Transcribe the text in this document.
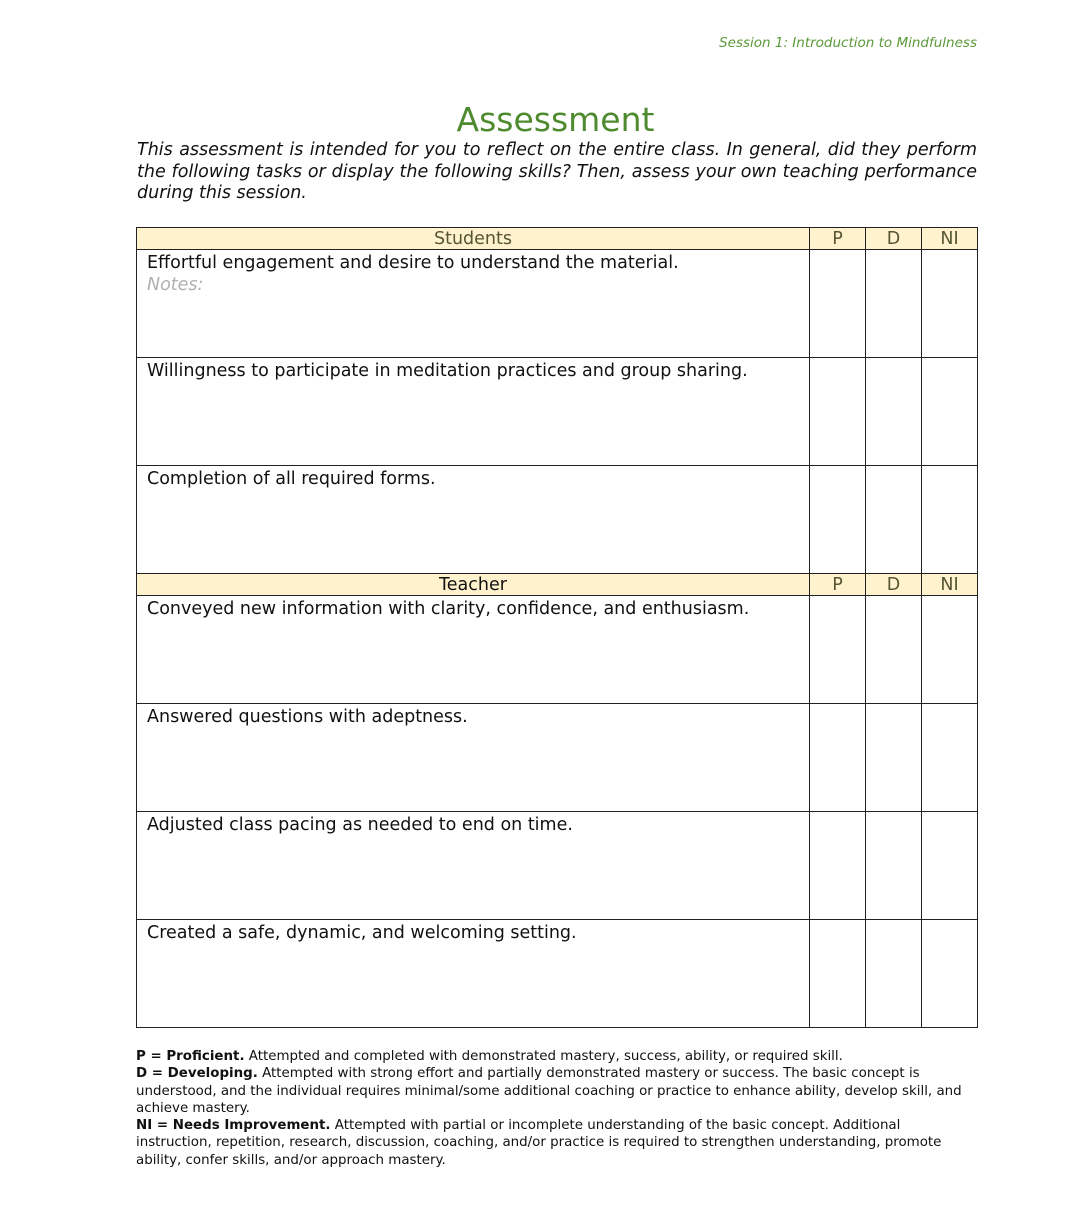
Session 1: Introduction to Mindfulness
Assessment
This assessment is intended for you to reflect on the entire class. In general, did they perform the following tasks or display the following skills? Then, assess your own teaching performance during this session.
Students	P	D	NI

Effortful engagement and desire to understand the material.
Notes:			

Willingness to participate in meditation practices and group sharing.			

Completion of all required forms.			

Teacher	P	D	NI

Conveyed new information with clarity, confidence, and enthusiasm.			

Answered questions with adeptness.			

Adjusted class pacing as needed to end on time.			

Created a safe, dynamic, and welcoming setting.			

P = Proficient. Attempted and completed with demonstrated mastery, success, ability, or required skill.

D = Developing. Attempted with strong effort and partially demonstrated mastery or success. The basic concept is understood, and the individual requires minimal/some additional coaching or practice to enhance ability, develop skill, and achieve mastery.

NI = Needs Improvement. Attempted with partial or incomplete understanding of the basic concept. Additional instruction, repetition, research, discussion, coaching, and/or practice is required to strengthen understanding, promote ability, confer skills, and/or approach mastery.
